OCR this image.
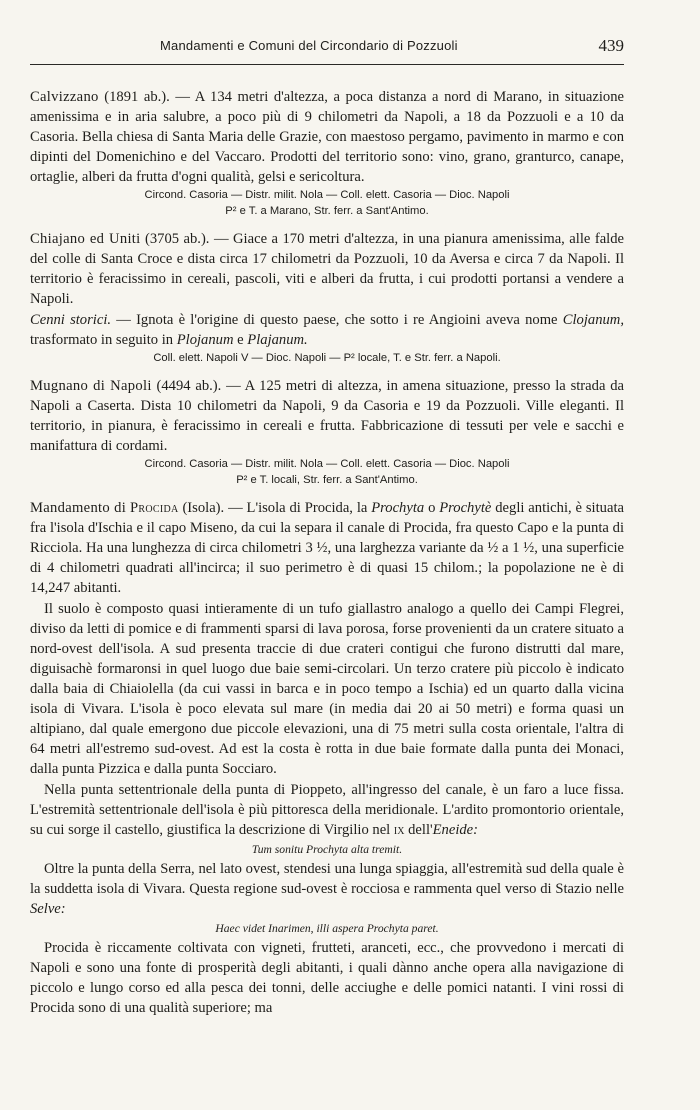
Mandamenti e Comuni del Circondario di Pozzuoli	439

Calvizzano (1891 ab.). — A 134 metri d'altezza, a poca distanza a nord di Marano, in situazione amenissima e in aria salubre, a poco più di 9 chilometri da Napoli, a 18 da Pozzuoli e a 10 da Casoria. Bella chiesa di Santa Maria delle Grazie, con maestoso pergamo, pavimento in marmo e con dipinti del Domenichino e del Vaccaro. Prodotti del territorio sono: vino, grano, granturco, canape, ortaglie, alberi da frutta d'ogni qualità, gelsi e sericoltura.

Circond. Casoria — Distr. milit. Nola — Coll. elett. Casoria — Dioc. Napoli
P² e T. a Marano, Str. ferr. a Sant'Antimo.

Chiajano ed Uniti (3705 ab.). — Giace a 170 metri d'altezza, in una pianura amenissima, alle falde del colle di Santa Croce e dista circa 17 chilometri da Pozzuoli, 10 da Aversa e circa 7 da Napoli. Il territorio è feracissimo in cereali, pascoli, viti e alberi da frutta, i cui prodotti portansi a vendere a Napoli.

Cenni storici. — Ignota è l'origine di questo paese, che sotto i re Angioini aveva nome Clojanum, trasformato in seguito in Plojanum e Plajanum.

Coll. elett. Napoli V — Dioc. Napoli — P² locale, T. e Str. ferr. a Napoli.

Mugnano di Napoli (4494 ab.). — A 125 metri di altezza, in amena situazione, presso la strada da Napoli a Caserta. Dista 10 chilometri da Napoli, 9 da Casoria e 19 da Pozzuoli. Ville eleganti. Il territorio, in pianura, è feracissimo in cereali e frutta. Fabbricazione di tessuti per vele e sacchi e manifattura di cordami.

Circond. Casoria — Distr. milit. Nola — Coll. elett. Casoria — Dioc. Napoli
P² e T. locali, Str. ferr. a Sant'Antimo.

Mandamento di Procida (Isola). — L'isola di Procida, la Prochyta o Prochytè degli antichi, è situata fra l'isola d'Ischia e il capo Miseno, da cui la separa il canale di Procida, fra questo Capo e la punta di Ricciola. Ha una lunghezza di circa chilometri 3 ½, una larghezza variante da ½ a 1 ½, una superficie di 4 chilometri quadrati all'incirca; il suo perimetro è di quasi 15 chilom.; la popolazione ne è di 14,247 abitanti.

Il suolo è composto quasi intieramente di un tufo giallastro analogo a quello dei Campi Flegrei, diviso da letti di pomice e di frammenti sparsi di lava porosa, forse provenienti da un cratere situato a nord-ovest dell'isola. A sud presenta traccie di due crateri contigui che furono distrutti dal mare, diguisachè formaronsi in quel luogo due baie semi-circolari. Un terzo cratere più piccolo è indicato dalla baia di Chiaiolella (da cui vassi in barca e in poco tempo a Ischia) ed un quarto dalla vicina isola di Vivara. L'isola è poco elevata sul mare (in media dai 20 ai 50 metri) e forma quasi un altipiano, dal quale emergono due piccole elevazioni, una di 75 metri sulla costa orientale, l'altra di 64 metri all'estremo sud-ovest. Ad est la costa è rotta in due baie formate dalla punta dei Monaci, dalla punta Pizzica e dalla punta Socciaro.

Nella punta settentrionale della punta di Pioppeto, all'ingresso del canale, è un faro a luce fissa. L'estremità settentrionale dell'isola è più pittoresca della meridionale. L'ardito promontorio orientale, su cui sorge il castello, giustifica la descrizione di Virgilio nel ix dell'Eneide:

Tum sonitu Prochyta alta tremit.

Oltre la punta della Serra, nel lato ovest, stendesi una lunga spiaggia, all'estremità sud della quale è la suddetta isola di Vivara. Questa regione sud-ovest è rocciosa e rammenta quel verso di Stazio nelle Selve:

Haec videt Inarimen, illi aspera Prochyta paret.

Procida è riccamente coltivata con vigneti, frutteti, aranceti, ecc., che provvedono i mercati di Napoli e sono una fonte di prosperità degli abitanti, i quali dànno anche opera alla navigazione di piccolo e lungo corso ed alla pesca dei tonni, delle acciughe e delle pomici natanti. I vini rossi di Procida sono di una qualità superiore; ma
